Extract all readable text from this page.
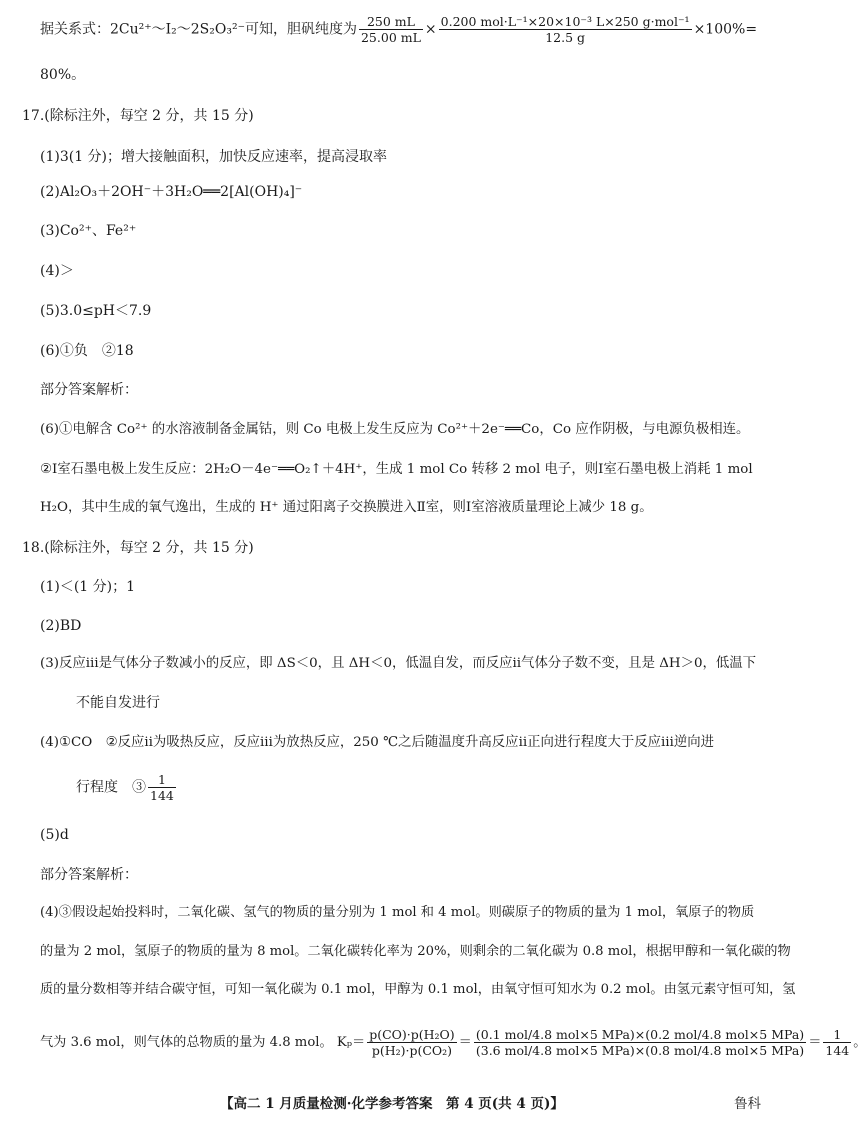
据关系式：2Cu²⁺～I₂～2S₂O₃²⁻可知，胆矾纯度为 $\frac{250 mL}{25.00 mL} \times \frac{\text{0.200 mol·L⁻¹×20×10⁻³ L×250 g·mol⁻¹}}{12.5 g} \times 100\%=$
80%。
17.(除标注外，每空 2 分，共 15 分)
(1)3(1 分)；增大接触面积，加快反应速率，提高浸取率
(2)Al₂O₃＋2OH⁻＋3H₂O══2[Al(OH)₄]⁻
(3)Co²⁺、Fe²⁺
(4)＞
(5)3.0≤pH＜7.9
(6)①负　②18
部分答案解析：
(6)①电解含 Co²⁺ 的水溶液制备金属钴，则 Co 电极上发生反应为 Co²⁺＋2e⁻══Co，Co 应作阴极，与电源负极相连。
②Ⅰ室石墨电极上发生反应：2H₂O－4e⁻══O₂↑＋4H⁺，生成 1 mol Co 转移 2 mol 电子，则Ⅰ室石墨电极上消耗 1 mol
H₂O，其中生成的氧气逸出，生成的 H⁺ 通过阳离子交换膜进入Ⅱ室，则Ⅰ室溶液质量理论上减少 18 g。
18.(除标注外，每空 2 分，共 15 分)
(1)＜(1 分)；1
(2)BD
(3)反应ⅲ是气体分子数减小的反应，即 ΔS＜0，且 ΔH＜0，低温自发，而反应ⅱ气体分子数不变，且是 ΔH＞0，低温下
不能自发进行
(4)①CO　②反应ⅱ为吸热反应，反应ⅲ为放热反应，250 ℃之后随温度升高反应ⅱ正向进行程度大于反应ⅲ逆向进
行程度　③ $\frac{1}{144}$
(5)d
部分答案解析：
(4)③假设起始投料时，二氧化碳、氢气的物质的量分别为 1 mol 和 4 mol。则碳原子的物质的量为 1 mol，氧原子的物质
的量为 2 mol，氢原子的物质的量为 8 mol。二氧化碳转化率为 20%，则剩余的二氧化碳为 0.8 mol，根据甲醇和一氧化碳的物
质的量分数相等并结合碳守恒，可知一氧化碳为 0.1 mol，甲醇为 0.1 mol，由氧守恒可知水为 0.2 mol。由氢元素守恒可知，氢
气为 3.6 mol，则气体的总物质的量为 4.8 mol。 $K_p= \frac{\text{p(CO)·p(H₂O)}}{\text{p(H₂)·p(CO₂)}} = \frac{\text{(0.1 mol/4.8 mol×5 MPa)×(0.2 mol/4.8 mol×5 MPa)}}{\text{(3.6 mol/4.8 mol×5 MPa)×(0.8 mol/4.8 mol×5 MPa)}} = \frac{1}{144}$ 。
【高二 1 月质量检测·化学参考答案　第 4 页(共 4 页)】	鲁科
